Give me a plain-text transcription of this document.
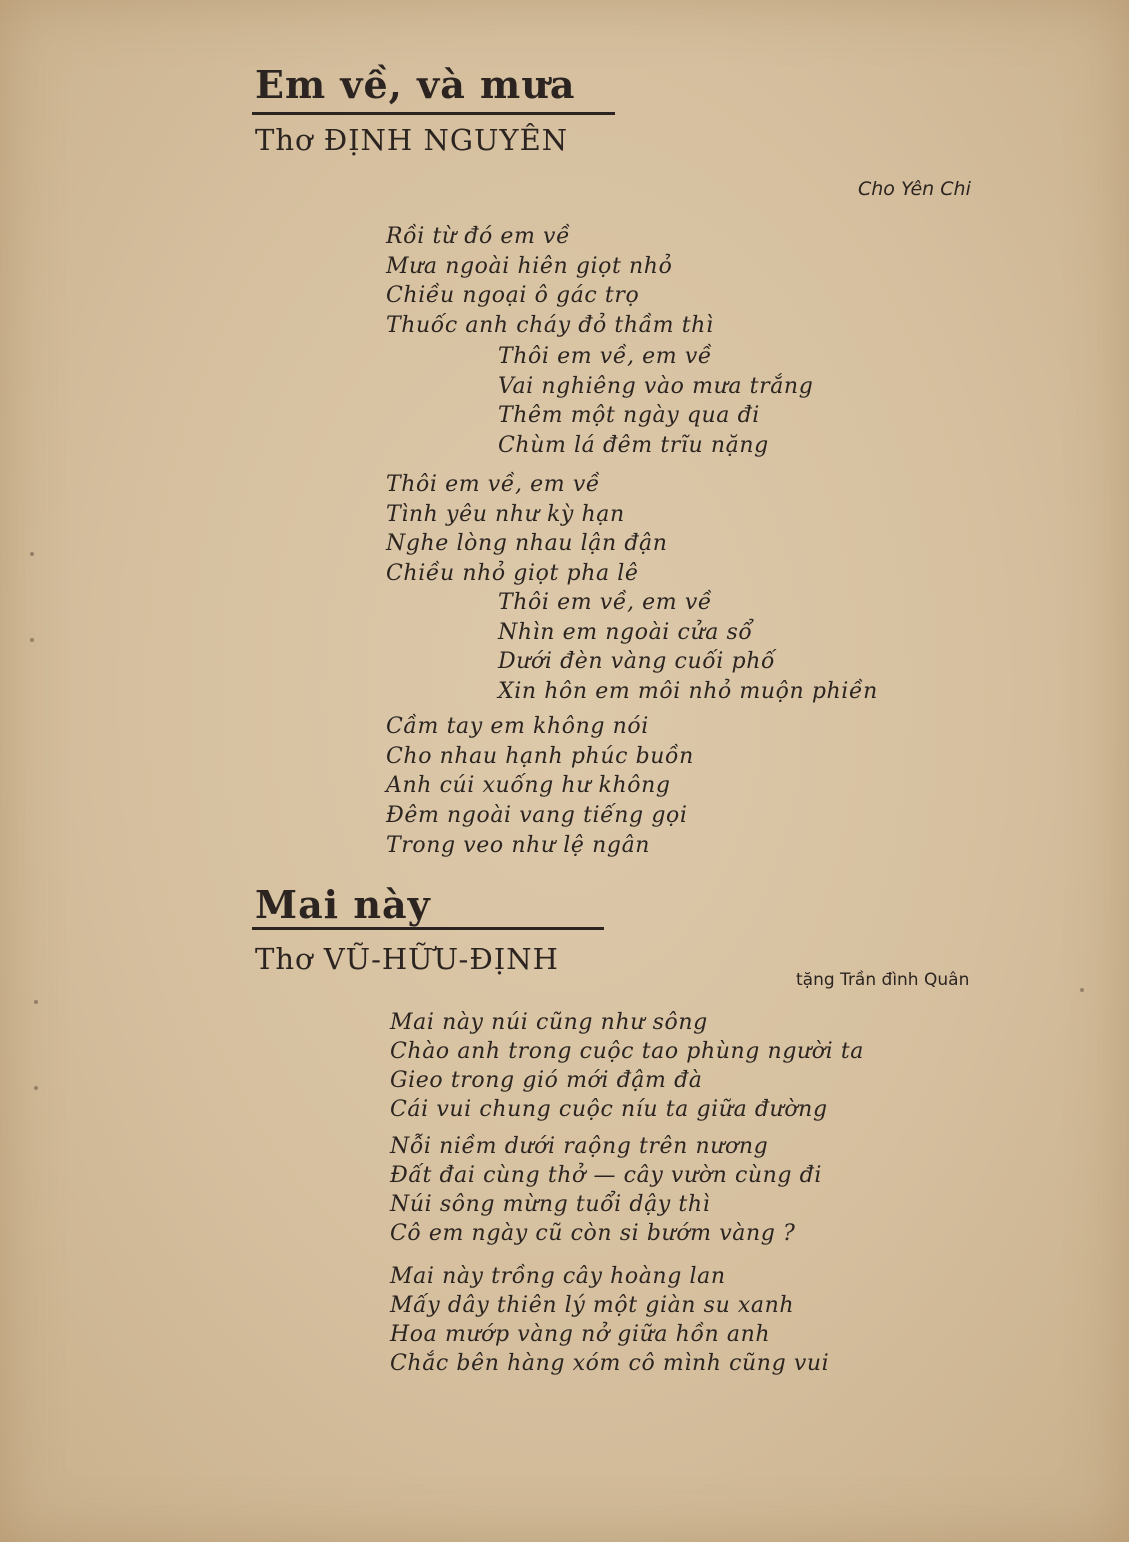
Em về, và mưa
Thơ ĐỊNH NGUYÊN
Cho Yên Chi
Rồi từ đó em về
Mưa ngoài hiên giọt nhỏ
Chiều ngoại ô gác trọ
Thuốc anh cháy đỏ thầm thì
Thôi em về, em về
Vai nghiêng vào mưa trắng
Thêm một ngày qua đi
Chùm lá đêm trĩu nặng
Thôi em về, em về
Tình yêu như kỳ hạn
Nghe lòng nhau lận đận
Chiều nhỏ giọt pha lê
Thôi em về, em về
Nhìn em ngoài cửa sổ
Dưới đèn vàng cuối phố
Xin hôn em môi nhỏ muộn phiền
Cầm tay em không nói
Cho nhau hạnh phúc buồn
Anh cúi xuống hư không
Đêm ngoài vang tiếng gọi
Trong veo như lệ ngân
Mai này
Thơ VŨ-HỮU-ĐỊNH
tặng Trần đình Quân
Mai này núi cũng như sông
Chào anh trong cuộc tao phùng người ta
Gieo trong gió mới đậm đà
Cái vui chung cuộc níu ta giữa đường
Nỗi niềm dưới raộng trên nương
Đất đai cùng thở — cây vườn cùng đi
Núi sông mừng tuổi dậy thì
Cô em ngày cũ còn si bướm vàng ?
Mai này trồng cây hoàng lan
Mấy dây thiên lý một giàn su xanh
Hoa mướp vàng nở giữa hồn anh
Chắc bên hàng xóm cô mình cũng vui
